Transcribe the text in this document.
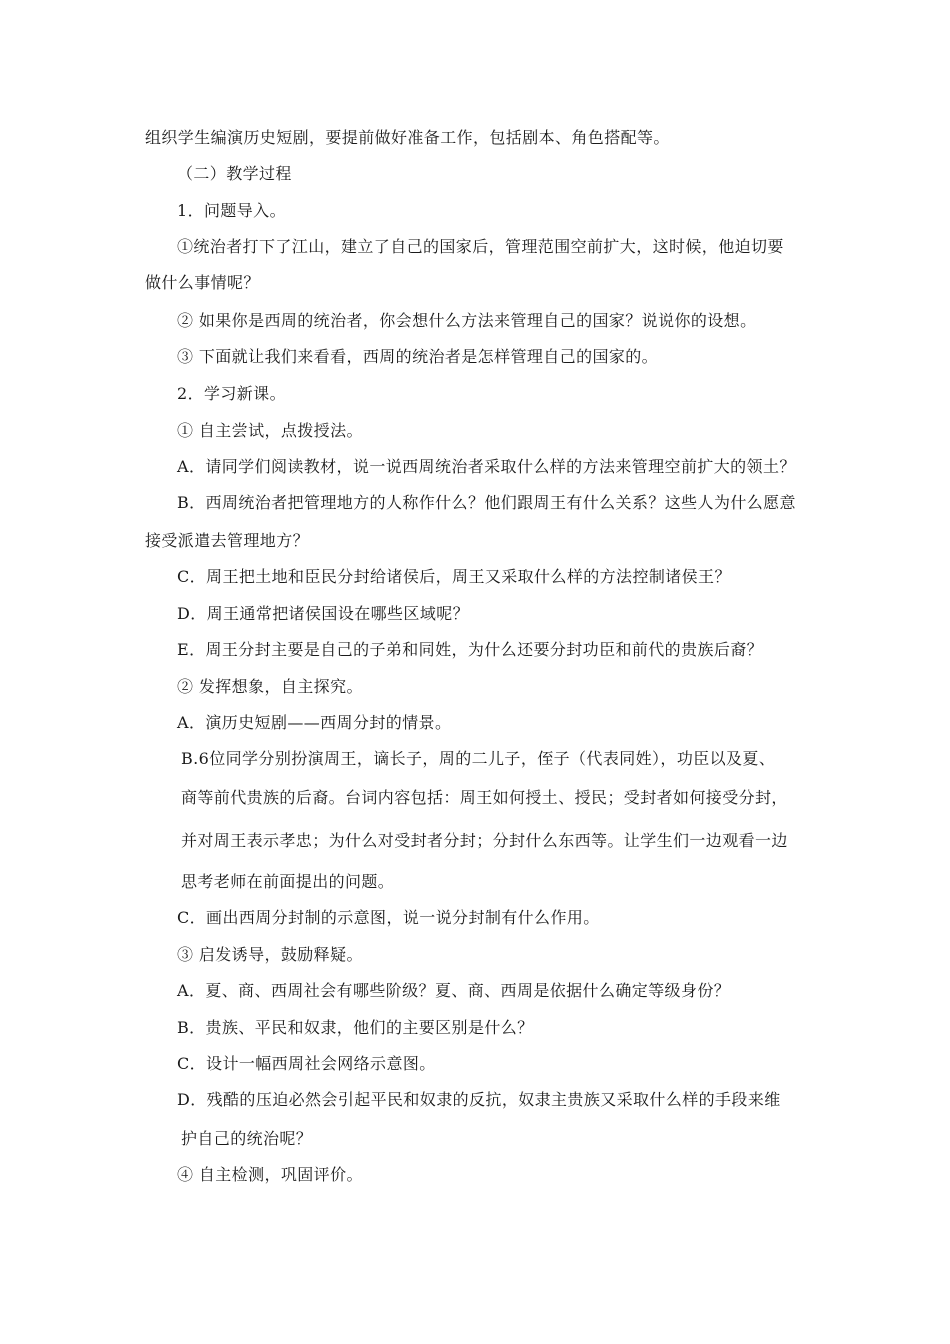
组织学生编演历史短剧，要提前做好准备工作，包括剧本、角色搭配等。
（二）教学过程
1．问题导入。
①统治者打下了江山，建立了自己的国家后，管理范围空前扩大，这时候，他迫切要
做什么事情呢？
② 如果你是西周的统治者，你会想什么方法来管理自己的国家？说说你的设想。
③ 下面就让我们来看看，西周的统治者是怎样管理自己的国家的。
2．学习新课。
① 自主尝试，点拨授法。
A．请同学们阅读教材，说一说西周统治者采取什么样的方法来管理空前扩大的领土？
B．西周统治者把管理地方的人称作什么？他们跟周王有什么关系？这些人为什么愿意
接受派遣去管理地方？
C．周王把土地和臣民分封给诸侯后，周王又采取什么样的方法控制诸侯王？
D．周王通常把诸侯国设在哪些区域呢？
E．周王分封主要是自己的子弟和同姓，为什么还要分封功臣和前代的贵族后裔？
② 发挥想象，自主探究。
A．演历史短剧——西周分封的情景。
B.6位同学分别扮演周王，谪长子，周的二儿子，侄子（代表同姓），功臣以及夏、
商等前代贵族的后裔。台词内容包括：周王如何授土、授民；受封者如何接受分封，
并对周王表示孝忠；为什么对受封者分封；分封什么东西等。让学生们一边观看一边
思考老师在前面提出的问题。
C．画出西周分封制的示意图，说一说分封制有什么作用。
③ 启发诱导，鼓励释疑。
A．夏、商、西周社会有哪些阶级？夏、商、西周是依据什么确定等级身份？
B．贵族、平民和奴隶，他们的主要区别是什么？
C．设计一幅西周社会网络示意图。
D．残酷的压迫必然会引起平民和奴隶的反抗，奴隶主贵族又采取什么样的手段来维
护自己的统治呢？
④ 自主检测，巩固评价。
